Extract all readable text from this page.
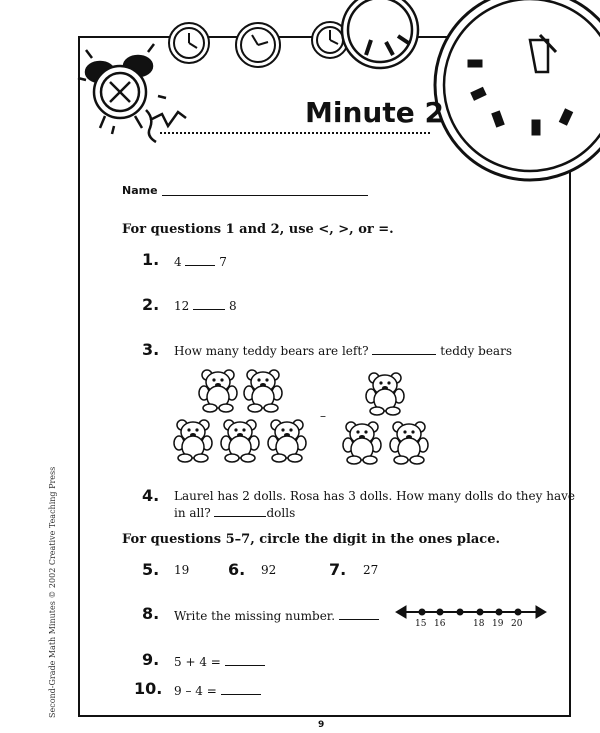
Minute 2
Name
For questions 1 and 2, use <, >, or =.
1. 4	7
2. 12	8
3. How many teddy bears are left?	teddy bears
–
4. Laurel has 2 dolls. Rosa has 3 dolls. How many dolls do they have
in all?	dolls
For questions 5–7, circle the digit in the ones place.
5. 19 6. 92	7. 27
8. Write the missing number.
15 16	18 19 20
9. 5 + 4 =
10. 9 – 4 =
9
Second-Grade Math Minutes © 2002 Creative Teaching Press
